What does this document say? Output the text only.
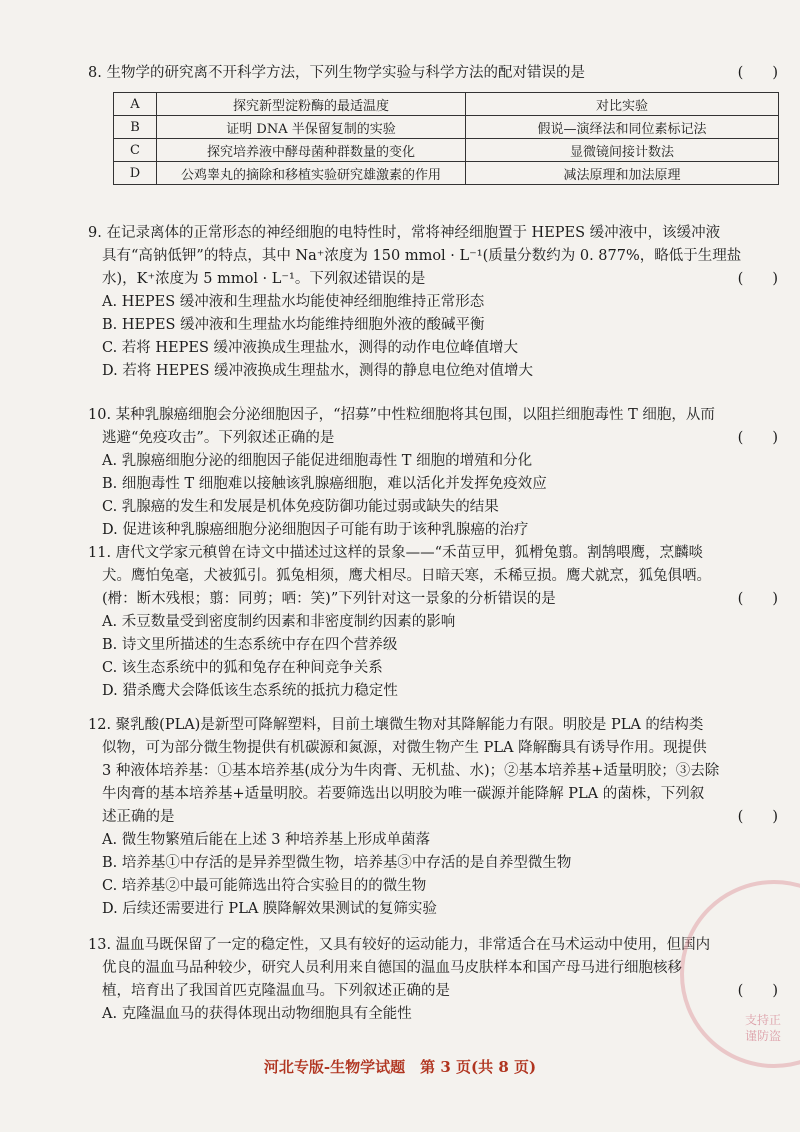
8. 生物学的研究离不开科学方法，下列生物学实验与科学方法的配对错误的是	(　　)

A	探究新型淀粉酶的最适温度	对比实验
B	证明 DNA 半保留复制的实验	假说—演绎法和同位素标记法
C	探究培养液中酵母菌种群数量的变化	显微镜间接计数法
D	公鸡睾丸的摘除和移植实验研究雄激素的作用	减法原理和加法原理

9. 在记录离体的正常形态的神经细胞的电特性时，常将神经细胞置于 HEPES 缓冲液中，该缓冲液

具有“高钠低钾”的特点，其中 Na⁺浓度为 150 mmol · L⁻¹(质量分数约为 0. 877%，略低于生理盐

水)，K⁺浓度为 5 mmol · L⁻¹。下列叙述错误的是	(　　)

A. HEPES 缓冲液和生理盐水均能使神经细胞维持正常形态

B. HEPES 缓冲液和生理盐水均能维持细胞外液的酸碱平衡

C. 若将 HEPES 缓冲液换成生理盐水，测得的动作电位峰值增大

D. 若将 HEPES 缓冲液换成生理盐水，测得的静息电位绝对值增大

10. 某种乳腺癌细胞会分泌细胞因子，“招募”中性粒细胞将其包围，以阻拦细胞毒性 T 细胞，从而

逃避“免疫攻击”。下列叙述正确的是	(　　)

A. 乳腺癌细胞分泌的细胞因子能促进细胞毒性 T 细胞的增殖和分化

B. 细胞毒性 T 细胞难以接触该乳腺癌细胞，难以活化并发挥免疫效应

C. 乳腺癌的发生和发展是机体免疫防御功能过弱或缺失的结果

D. 促进该种乳腺癌细胞分泌细胞因子可能有助于该种乳腺癌的治疗

11. 唐代文学家元稹曾在诗文中描述过这样的景象——“禾苗豆甲，狐榾兔翦。割鹄喂鹰，烹麟啖

犬。鹰怕兔毫，犬被狐引。狐兔相须，鹰犬相尽。日暗天寒，禾稀豆损。鹰犬就烹，狐兔俱哂。

(榾：断木残根；翦：同剪；哂：笑)”下列针对这一景象的分析错误的是	(　　)

A. 禾豆数量受到密度制约因素和非密度制约因素的影响

B. 诗文里所描述的生态系统中存在四个营养级

C. 该生态系统中的狐和兔存在种间竞争关系

D. 猎杀鹰犬会降低该生态系统的抵抗力稳定性

12. 聚乳酸(PLA)是新型可降解塑料，目前土壤微生物对其降解能力有限。明胶是 PLA 的结构类

似物，可为部分微生物提供有机碳源和氮源，对微生物产生 PLA 降解酶具有诱导作用。现提供

3 种液体培养基：①基本培养基(成分为牛肉膏、无机盐、水)；②基本培养基+适量明胶；③去除

牛肉膏的基本培养基+适量明胶。若要筛选出以明胶为唯一碳源并能降解 PLA 的菌株，下列叙

述正确的是	(　　)

A. 微生物繁殖后能在上述 3 种培养基上形成单菌落

B. 培养基①中存活的是异养型微生物，培养基③中存活的是自养型微生物

C. 培养基②中最可能筛选出符合实验目的的微生物

D. 后续还需要进行 PLA 膜降解效果测试的复筛实验

13. 温血马既保留了一定的稳定性，又具有较好的运动能力，非常适合在马术运动中使用，但国内

优良的温血马品种较少，研究人员利用来自德国的温血马皮肤样本和国产母马进行细胞核移

植，培育出了我国首匹克隆温血马。下列叙述正确的是	(　　)

A. 克隆温血马的获得体现出动物细胞具有全能性	支持正
谨防盗
河北专版-生物学试题　第 3 页(共 8 页)
